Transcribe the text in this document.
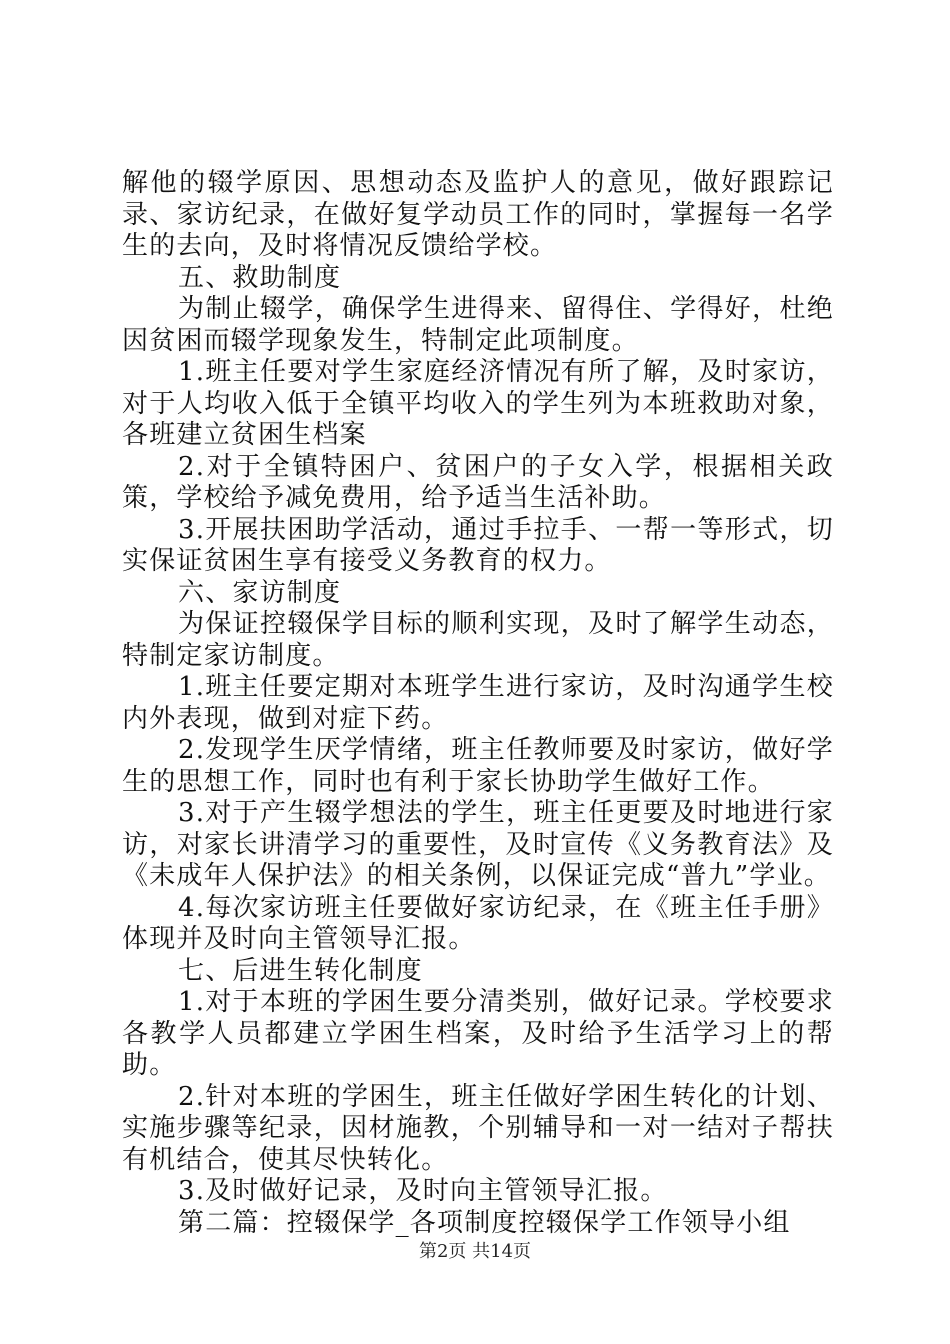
解他的辍学原因、思想动态及监护人的意见，做好跟踪记录、家访纪录，在做好复学动员工作的同时，掌握每一名学生的去向，及时将情况反馈给学校。

五、救助制度

为制止辍学，确保学生进得来、留得住、学得好，杜绝因贫困而辍学现象发生，特制定此项制度。

1.班主任要对学生家庭经济情况有所了解，及时家访，对于人均收入低于全镇平均收入的学生列为本班救助对象，各班建立贫困生档案

2.对于全镇特困户、贫困户的子女入学，根据相关政策，学校给予减免费用，给予适当生活补助。

3.开展扶困助学活动，通过手拉手、一帮一等形式，切实保证贫困生享有接受义务教育的权力。

六、家访制度

为保证控辍保学目标的顺利实现，及时了解学生动态，特制定家访制度。

1.班主任要定期对本班学生进行家访，及时沟通学生校内外表现，做到对症下药。

2.发现学生厌学情绪，班主任教师要及时家访，做好学生的思想工作，同时也有利于家长协助学生做好工作。

3.对于产生辍学想法的学生，班主任更要及时地进行家访，对家长讲清学习的重要性，及时宣传《义务教育法》及《未成年人保护法》的相关条例，以保证完成“普九”学业。

4.每次家访班主任要做好家访纪录，在《班主任手册》体现并及时向主管领导汇报。

七、后进生转化制度

1.对于本班的学困生要分清类别，做好记录。学校要求各教学人员都建立学困生档案，及时给予生活学习上的帮助。

2.针对本班的学困生，班主任做好学困生转化的计划、实施步骤等纪录，因材施教，个别辅导和一对一结对子帮扶有机结合，使其尽快转化。

3.及时做好记录，及时向主管领导汇报。

第二篇：控辍保学_各项制度控辍保学工作领导小组

第2页 共14页
